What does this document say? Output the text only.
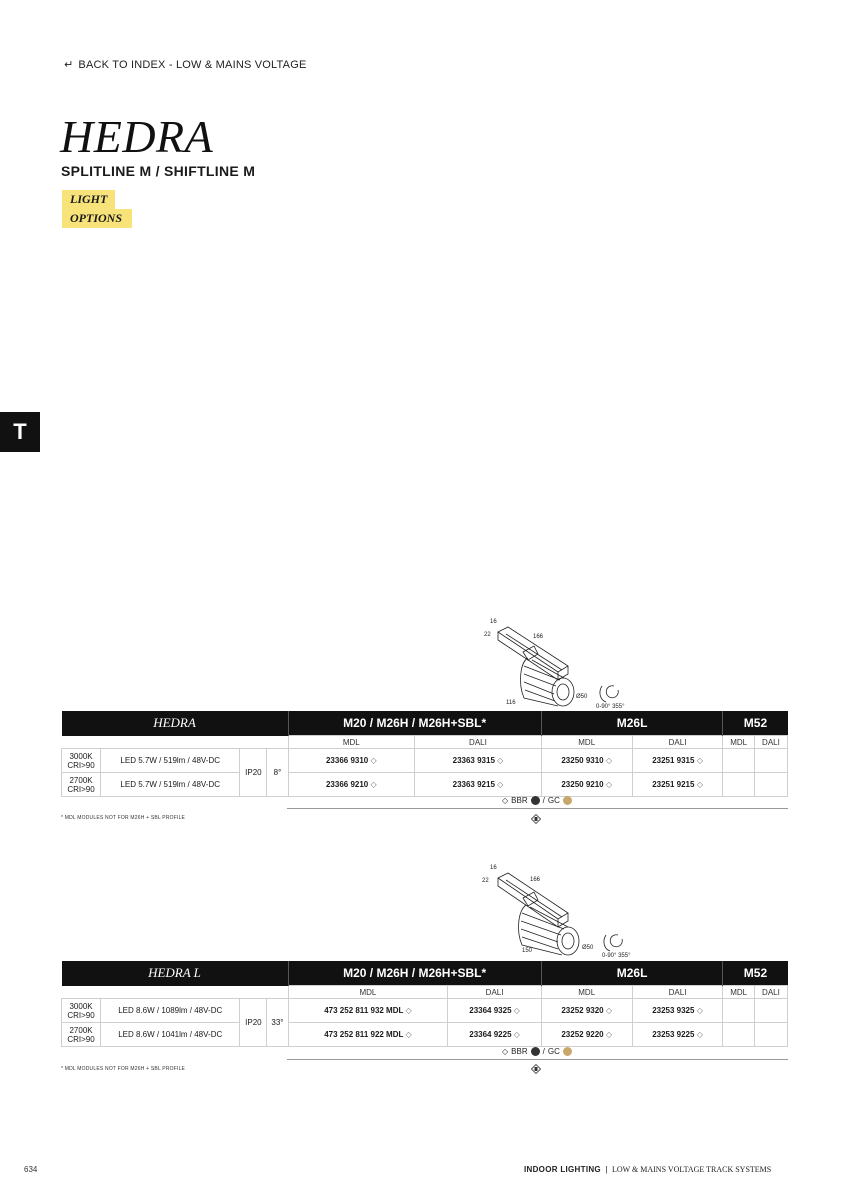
↵ BACK TO INDEX - LOW & MAINS VOLTAGE
HEDRA
SPLITLINE M / SHIFTLINE M
LIGHT
OPTIONS
T
16
22	166
116
Ø50
0-90° 355°
HEDRA				M20 / M26H / M26H+SBL*		M26L		M52	
				MDL	DALI	MDL	DALI	MDL	DALI
3000K
CRI>90	LED 5.7W / 519lm / 48V-DC	IP20	8°	23366 9310 ◇	23363 9315 ◇	23250 9310 ◇	23251 9315 ◇		
2700K
CRI>90	LED 5.7W / 519lm / 48V-DC			23366 9210 ◇	23363 9215 ◇	23250 9210 ◇	23251 9215 ◇		
◇ BBR / GC
* MDL MODULES NOT FOR M26H + SBL PROFILE
16
22	166
150	Ø50
0-90° 355°
HEDRA L				M20 / M26H / M26H+SBL*		M26L		M52	
				MDL	DALI	MDL	DALI	MDL	DALI
3000K
CRI>90	LED 8.6W / 1089lm / 48V-DC	IP20	33°	473 252 811 932 MDL ◇	23364 9325 ◇	23252 9320 ◇	23253 9325 ◇		
2700K
CRI>90	LED 8.6W / 1041lm / 48V-DC			473 252 811 922 MDL ◇	23364 9225 ◇	23252 9220 ◇	23253 9225 ◇		
◇ BBR / GC
* MDL MODULES NOT FOR M26H + SBL PROFILE
634	INDOOR LIGHTING | LOW & MAINS VOLTAGE TRACK SYSTEMS
